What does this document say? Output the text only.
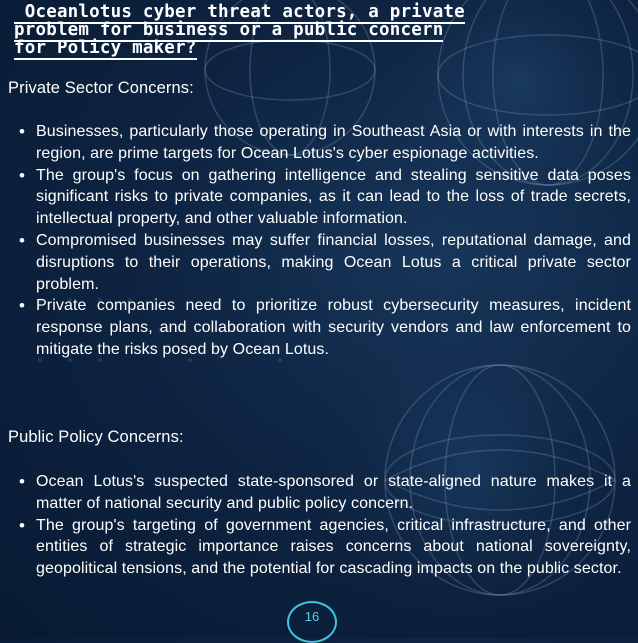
Oceanlotus cyber threat actors, a private
problem for business or a public concern
for Policy maker?
Private Sector Concerns:
• Businesses, particularly those operating in Southeast Asia or with interests in the region, are prime targets for Ocean Lotus's cyber espionage activities.
• The group's focus on gathering intelligence and stealing sensitive data poses significant risks to private companies, as it can lead to the loss of trade secrets, intellectual property, and other valuable information.
• Compromised businesses may suffer financial losses, reputational damage, and disruptions to their operations, making Ocean Lotus a critical private sector problem.
• Private companies need to prioritize robust cybersecurity measures, incident response plans, and collaboration with security vendors and law enforcement to mitigate the risks posed by Ocean Lotus.
Public Policy Concerns:
• Ocean Lotus's suspected state-sponsored or state-aligned nature makes it a matter of national security and public policy concern.
• The group's targeting of government agencies, critical infrastructure, and other entities of strategic importance raises concerns about national sovereignty, geopolitical tensions, and the potential for cascading impacts on the public sector.
16
